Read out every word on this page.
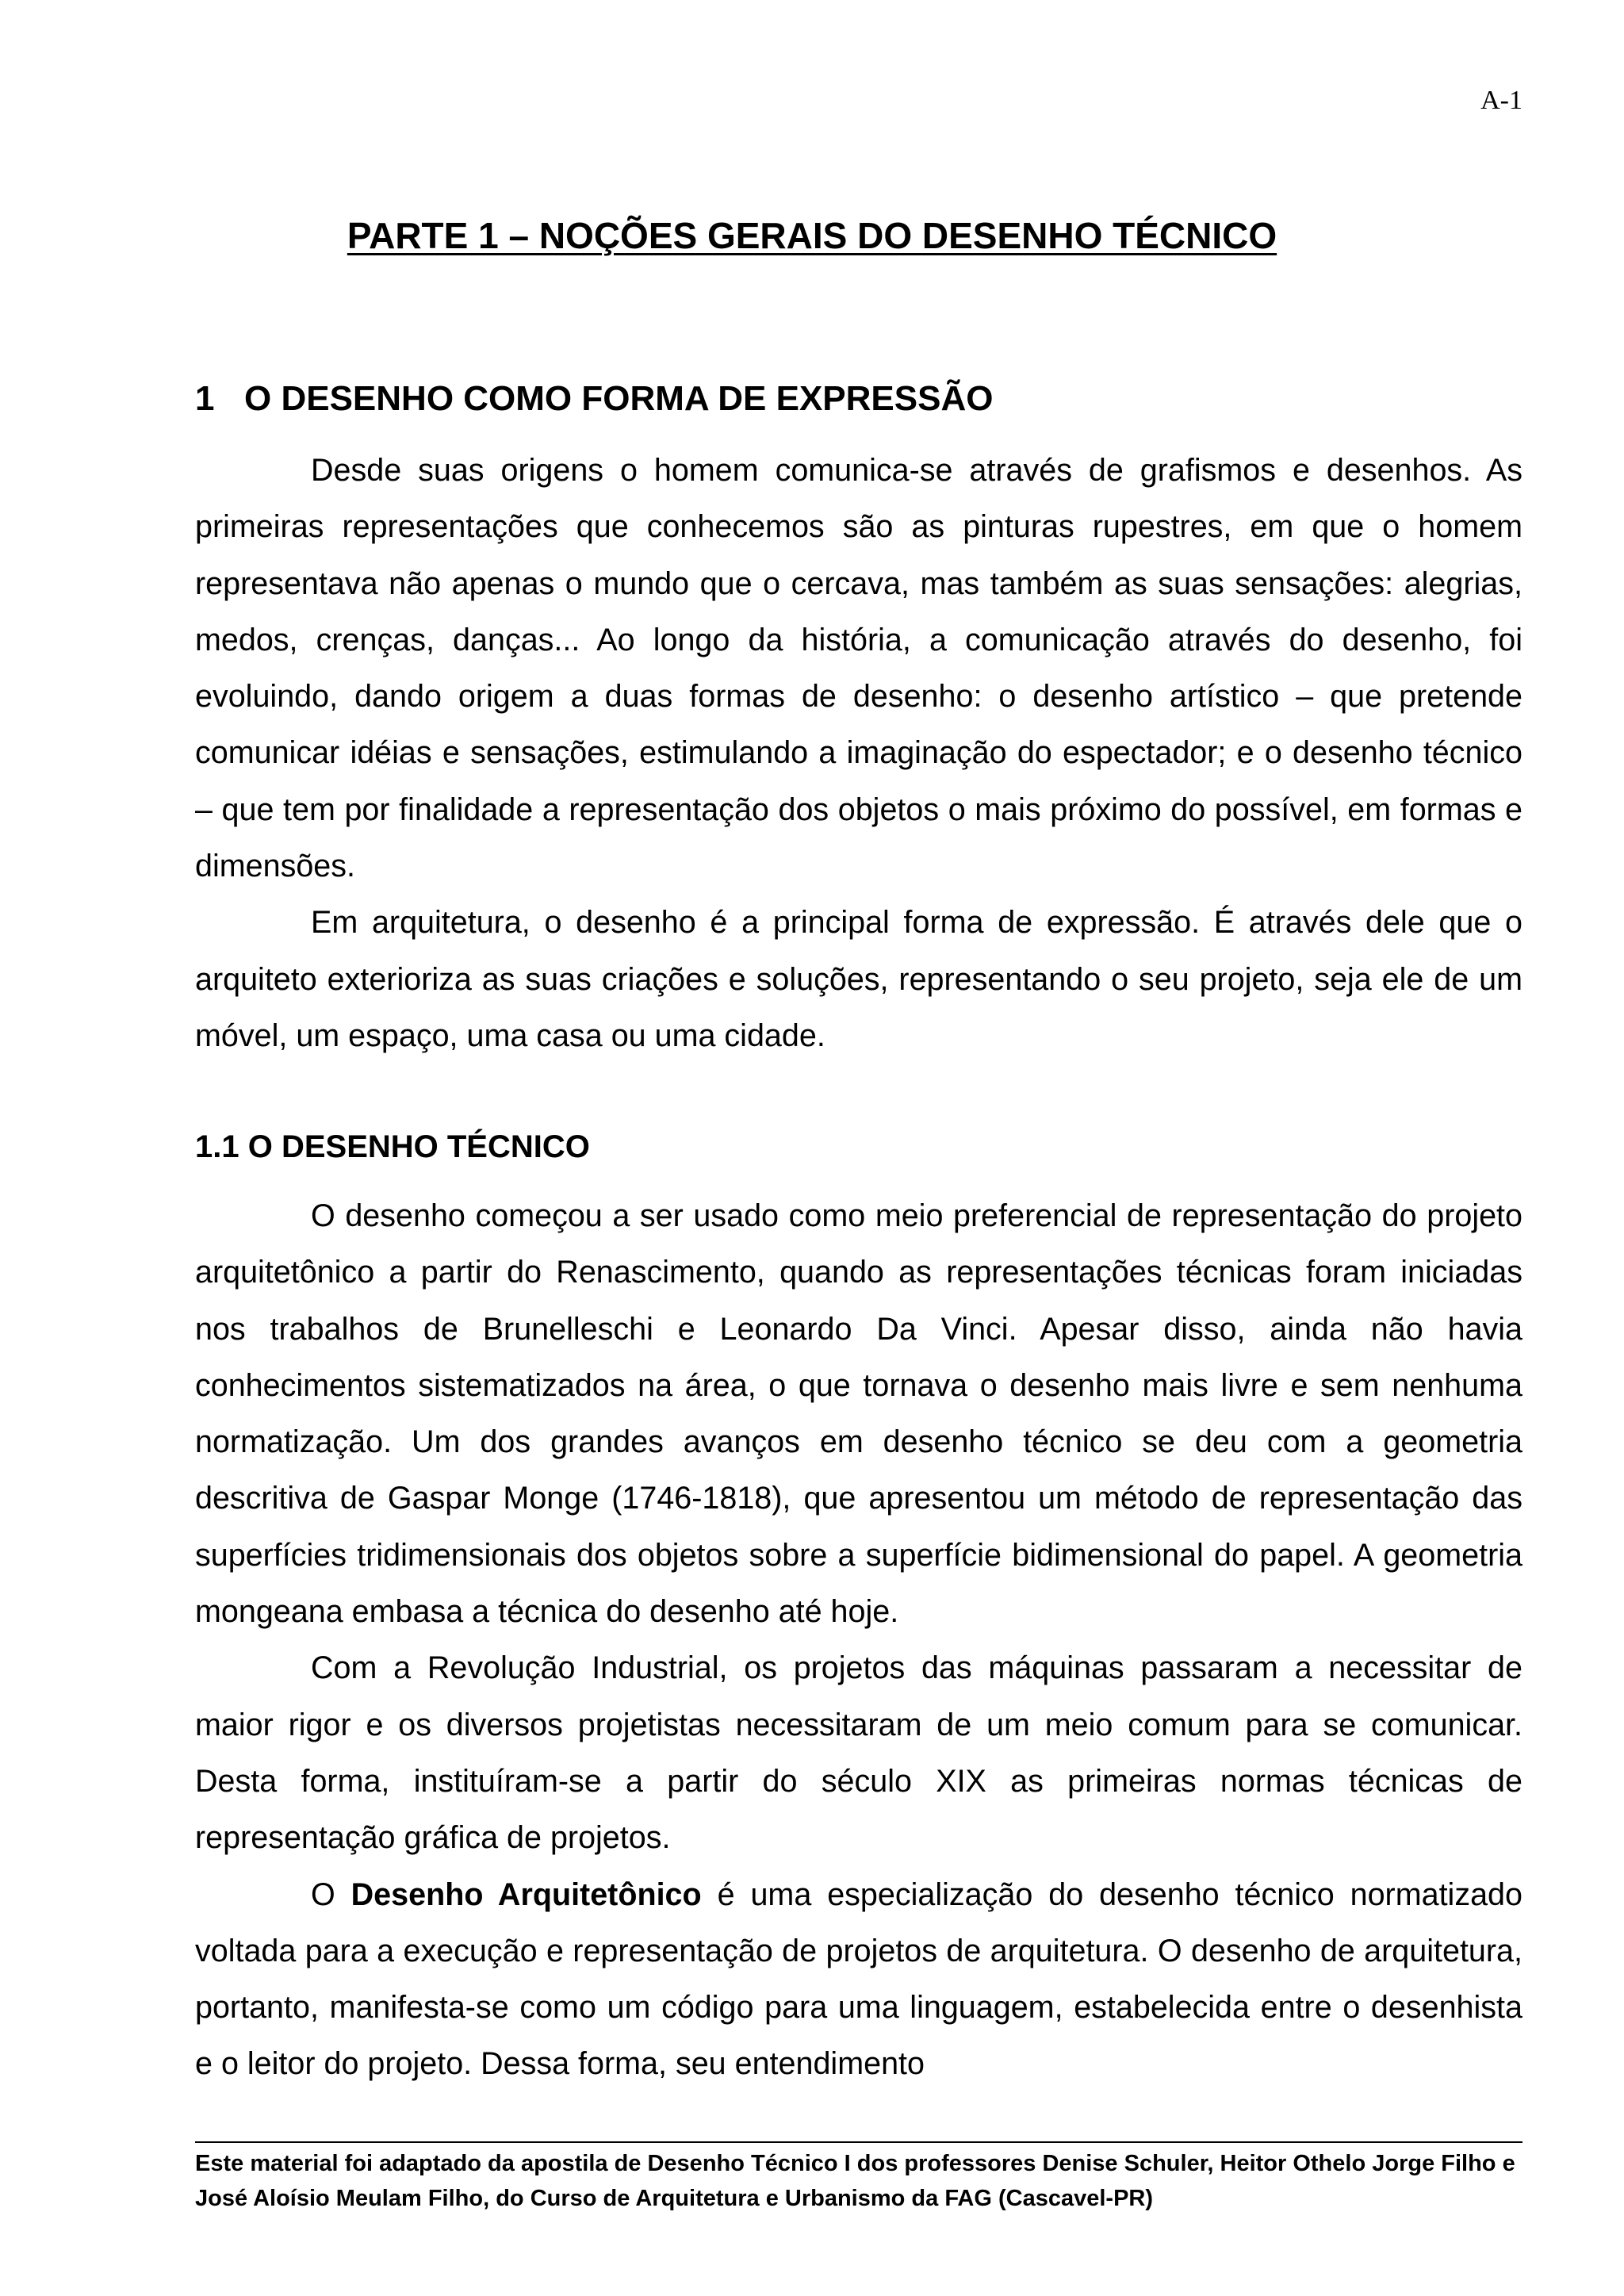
A-1
PARTE 1 – NOÇÕES GERAIS DO DESENHO TÉCNICO
1 O DESENHO COMO FORMA DE EXPRESSÃO

Desde suas origens o homem comunica-se através de grafismos e desenhos. As primeiras representações que conhecemos são as pinturas rupestres, em que o homem representava não apenas o mundo que o cercava, mas também as suas sensações: alegrias, medos, crenças, danças... Ao longo da história, a comunicação através do desenho, foi evoluindo, dando origem a duas formas de desenho: o desenho artístico – que pretende comunicar idéias e sensações, estimulando a imaginação do espectador; e o desenho técnico – que tem por finalidade a representação dos objetos o mais próximo do possível, em formas e dimensões.

Em arquitetura, o desenho é a principal forma de expressão. É através dele que o arquiteto exterioriza as suas criações e soluções, representando o seu projeto, seja ele de um móvel, um espaço, uma casa ou uma cidade.

1.1 O DESENHO TÉCNICO

O desenho começou a ser usado como meio preferencial de representação do projeto arquitetônico a partir do Renascimento, quando as representações técnicas foram iniciadas nos trabalhos de Brunelleschi e Leonardo Da Vinci. Apesar disso, ainda não havia conhecimentos sistematizados na área, o que tornava o desenho mais livre e sem nenhuma normatização. Um dos grandes avanços em desenho técnico se deu com a geometria descritiva de Gaspar Monge (1746-1818), que apresentou um método de representação das superfícies tridimensionais dos objetos sobre a superfície bidimensional do papel. A geometria mongeana embasa a técnica do desenho até hoje.

Com a Revolução Industrial, os projetos das máquinas passaram a necessitar de maior rigor e os diversos projetistas necessitaram de um meio comum para se comunicar. Desta forma, instituíram-se a partir do século XIX as primeiras normas técnicas de representação gráfica de projetos.

O Desenho Arquitetônico é uma especialização do desenho técnico normatizado voltada para a execução e representação de projetos de arquitetura. O desenho de arquitetura, portanto, manifesta-se como um código para uma linguagem, estabelecida entre o desenhista e o leitor do projeto. Dessa forma, seu entendimento

Este material foi adaptado da apostila de Desenho Técnico I dos professores Denise Schuler, Heitor Othelo Jorge Filho e José Aloísio Meulam Filho, do Curso de Arquitetura e Urbanismo da FAG (Cascavel-PR)
